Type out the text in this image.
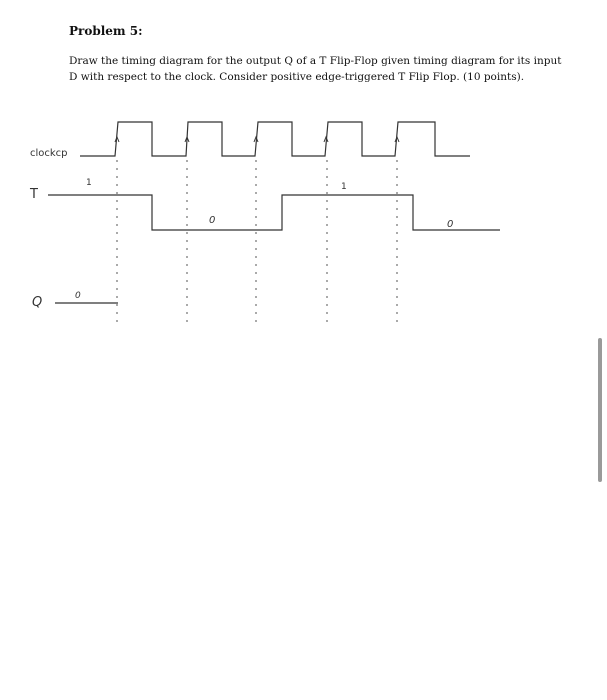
Problem 5:
Draw the timing diagram for the output Q of a T Flip-Flop given timing diagram for its input
D with respect to the clock. Consider positive edge-triggered T Flip Flop. (10 points).
clockcp
T
Q
1
0
1
0
0
